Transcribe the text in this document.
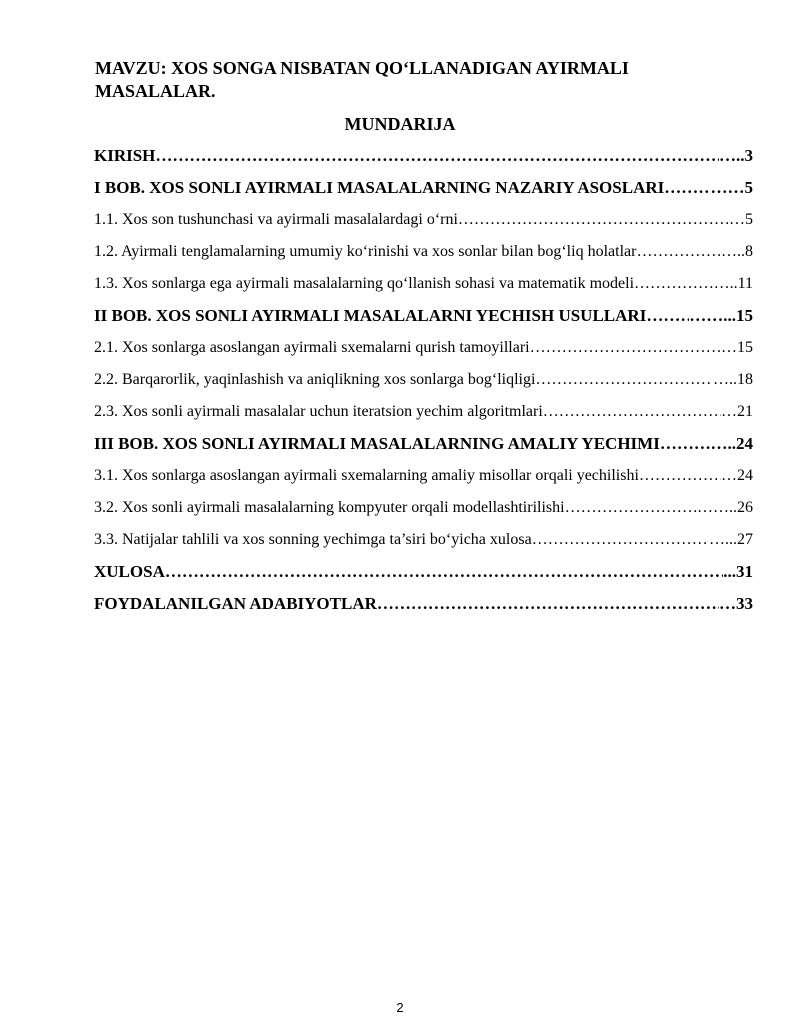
MAVZU: XOS SONGA NISBATAN QO‘LLANADIGAN AYIRMALI MASALALAR.
MUNDARIJA
KIRISH …………………………………………………………………………………………………………………………………………………………………………………………………………	….. 3
I BOB. XOS SONLI AYIRMALI MASALALARNING NAZARIY ASOSLARI …………………………………………………………………………………………………………………………………………………………………………………………………………	…… 5
1.1. Xos son tushunchasi va ayirmali masalalardagi o‘rni …………………………………………………………………………………………………………………………………………………………………………………………………………	… 5
1.2. Ayirmali tenglamalarning umumiy ko‘rinishi va xos sonlar bilan bog‘liq holatlar …………………………………………………………………………………………………………………………………………………………………………………………………………	….. 8
1.3. Xos sonlarga ega ayirmali masalalarning qo‘llanish sohasi va matematik modeli …………………………………………………………………………………………………………………………………………………………………………………………………………	….. 11
II BOB. XOS SONLI AYIRMALI MASALALARNI YECHISH USULLARI …………………………………………………………………………………………………………………………………………………………………………………………………………	……... 15
2.1. Xos sonlarga asoslangan ayirmali sxemalarni qurish tamoyillari …………………………………………………………………………………………………………………………………………………………………………………………………………	… 15
2.2. Barqarorlik, yaqinlashish va aniqlikning xos sonlarga bog‘liqligi …………………………………………………………………………………………………………………………………………………………………………………………………………	….. 18
2.3. Xos sonli ayirmali masalalar uchun iteratsion yechim algoritmlari …………………………………………………………………………………………………………………………………………………………………………………………………………	… 21
III BOB. XOS SONLI AYIRMALI MASALALARNING AMALIY YECHIMI …………………………………………………………………………………………………………………………………………………………………………………………………………	….. 24
3.1. Xos sonlarga asoslangan ayirmali sxemalarning amaliy misollar orqali yechilishi …………………………………………………………………………………………………………………………………………………………………………………………………………	… 24
3.2. Xos sonli ayirmali masalalarning kompyuter orqali modellashtirilishi …………………………………………………………………………………………………………………………………………………………………………………………………………	…….. 26
3.3. Natijalar tahlili va xos sonning yechimga ta’siri bo‘yicha xulosa …………………………………………………………………………………………………………………………………………………………………………………………………………	…... 27
XULOSA …………………………………………………………………………………………………………………………………………………………………………………………………………	... 31
FOYDALANILGAN ADABIYOTLAR …………………………………………………………………………………………………………………………………………………………………………………………………………	… 33
2
